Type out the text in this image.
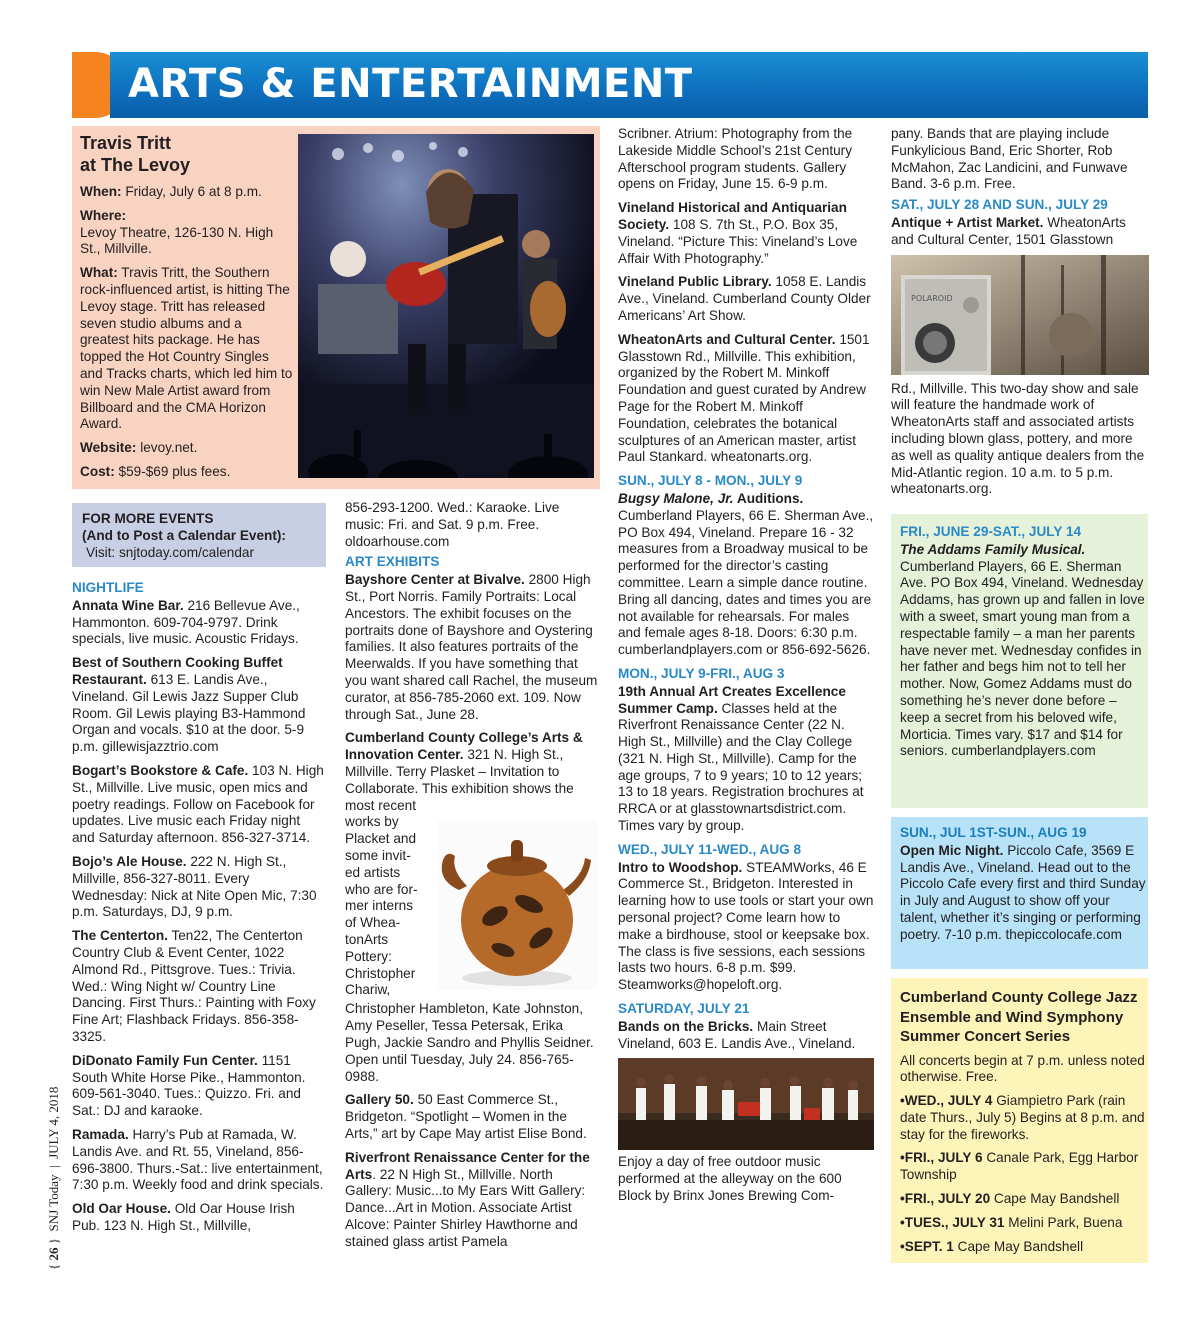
ARTS & ENTERTAINMENT
Travis Tritt
at The Levoy

When: Friday, July 6 at 8 p.m.

Where:
Levoy Theatre, 126-130 N. High St., Millville.

What: Travis Tritt, the Southern rock-influenced artist, is hitting The Levoy stage. Tritt has released seven studio albums and a greatest hits package. He has topped the Hot Country Singles and Tracks charts, which led him to win New Male Artist award from Billboard and the CMA Horizon Award.

Website: levoy.net.

Cost: $59-$69 plus fees.

FOR MORE EVENTS
(And to Post a Calendar Event):
Visit: snjtoday.com/calendar
NIGHTLIFE

Annata Wine Bar. 216 Bellevue Ave., Hammonton. 609-704-9797. Drink specials, live music. Acoustic Fridays.

Best of Southern Cooking Buffet Restaurant. 613 E. Landis Ave., Vineland. Gil Lewis Jazz Supper Club Room. Gil Lewis playing B3-Hammond Organ and vocals. $10 at the door. 5-9 p.m. gillewisjazztrio.com

Bogart’s Bookstore & Cafe. 103 N. High St., Millville. Live music, open mics and poetry readings. Follow on Facebook for updates. Live music each Friday night and Saturday afternoon. 856-327-3714.

Bojo’s Ale House. 222 N. High St., Millville, 856-327-8011. Every Wednesday: Nick at Nite Open Mic, 7:30 p.m. Saturdays, DJ, 9 p.m.

The Centerton. Ten22, The Centerton Country Club & Event Center, 1022 Almond Rd., Pittsgrove. Tues.: Trivia. Wed.: Wing Night w/ Country Line Dancing. First Thurs.: Painting with Foxy Fine Art; Flashback Fridays. 856-358-3325.

DiDonato Family Fun Center. 1151 South White Horse Pike., Hammonton. 609-561-3040. Tues.: Quizzo. Fri. and Sat.: DJ and karaoke.

Ramada. Harry’s Pub at Ramada, W. Landis Ave. and Rt. 55, Vineland, 856-696-3800. Thurs.-Sat.: live entertainment, 7:30 p.m. Weekly food and drink specials.

Old Oar House. Old Oar House Irish Pub. 123 N. High St., Millville,

856-293-1200. Wed.: Karaoke. Live music: Fri. and Sat. 9 p.m. Free. oldoarhouse.com

ART EXHIBITS

Bayshore Center at Bivalve. 2800 High St., Port Norris. Family Portraits: Local Ancestors. The exhibit focuses on the portraits done of Bayshore and Oystering families. It also features portraits of the Meerwalds. If you have something that you want shared call Rachel, the museum curator, at 856-785-2060 ext. 109. Now through Sat., June 28.

Cumberland County College’s Arts & Innovation Center. 321 N. High St., Millville. Terry Plasket – Invitation to Collaborate. This exhibition shows the most recent
works by
Placket and
some invit-
ed artists
who are for-
mer interns
of Whea-
tonArts
Pottery:
Christopher
Chariw,
Christopher Hambleton, Kate Johnston, Amy Peseller, Tessa Petersak, Erika Pugh, Jackie Sandro and Phyllis Seidner. Open until Tuesday, July 24. 856-765-0988.

Gallery 50. 50 East Commerce St., Bridgeton. “Spotlight – Women in the Arts,” art by Cape May artist Elise Bond.

Riverfront Renaissance Center for the Arts. 22 N High St., Millville. North Gallery: Music...to My Ears Witt Gallery: Dance...Art in Motion. Associate Artist Alcove: Painter Shirley Hawthorne and stained glass artist Pamela

Scribner. Atrium: Photography from the Lakeside Middle School’s 21st Century Afterschool program students. Gallery opens on Friday, June 15. 6-9 p.m.

Vineland Historical and Antiquarian Society. 108 S. 7th St., P.O. Box 35, Vineland. “Picture This: Vineland’s Love Affair With Photography.”

Vineland Public Library. 1058 E. Landis Ave., Vineland. Cumberland County Older Americans’ Art Show.

WheatonArts and Cultural Center. 1501 Glasstown Rd., Millville. This exhibition, organized by the Robert M. Minkoff Foundation and guest curated by Andrew Page for the Robert M. Minkoff Foundation, celebrates the botanical sculptures of an American master, artist Paul Stankard. wheatonarts.org.

SUN., JULY 8 - MON., JULY 9

Bugsy Malone, Jr. Auditions. Cumberland Players, 66 E. Sherman Ave., PO Box 494, Vineland. Prepare 16 - 32 measures from a Broadway musical to be performed for the director’s casting committee. Learn a simple dance routine. Bring all dancing, dates and times you are not available for rehearsals. For males and female ages 8-18. Doors: 6:30 p.m. cumberlandplayers.com or 856-692-5626.

MON., JULY 9-FRI., AUG 3

19th Annual Art Creates Excellence Summer Camp. Classes held at the Riverfront Renaissance Center (22 N. High St., Millville) and the Clay College (321 N. High St., Millville). Camp for the age groups, 7 to 9 years; 10 to 12 years; 13 to 18 years. Registration brochures at RRCA or at glasstownartsdistrict.com. Times vary by group.

WED., JULY 11-WED., AUG 8

Intro to Woodshop. STEAMWorks, 46 E Commerce St., Bridgeton. Interested in learning how to use tools or start your own personal project? Come learn how to make a birdhouse, stool or keepsake box. The class is five sessions, each sessions lasts two hours. 6-8 p.m. $99. Steamworks@hopeloft.org.

SATURDAY, JULY 21
Bands on the Bricks. Main Street Vineland, 603 E. Landis Ave., Vineland.

Enjoy a day of free outdoor music performed at the alleyway on the 600 Block by Brinx Jones Brewing Com-

pany. Bands that are playing include Funkylicious Band, Eric Shorter, Rob McMahon, Zac Landicini, and Funwave Band. 3-6 p.m. Free.

SAT., JULY 28 AND SUN., JULY 29
Antique + Artist Market. WheatonArts and Cultural Center, 1501 Glasstown
POLAROID

Rd., Millville. This two-day show and sale will feature the handmade work of WheatonArts staff and associated artists including blown glass, pottery, and more as well as quality antique dealers from the Mid-Atlantic region. 10 a.m. to 5 p.m. wheatonarts.org.

FRI., JUNE 29-SAT., JULY 14
The Addams Family Musical.
Cumberland Players, 66 E. Sherman Ave. PO Box 494, Vineland. Wednesday Addams, has grown up and fallen in love with a sweet, smart young man from a respectable family – a man her parents have never met. Wednesday confides in her father and begs him not to tell her mother. Now, Gomez Addams must do something he’s never done before – keep a secret from his beloved wife, Morticia. Times vary. $17 and $14 for seniors. cumberlandplayers.com
SUN., JUL 1ST-SUN., AUG 19
Open Mic Night. Piccolo Cafe, 3569 E Landis Ave., Vineland. Head out to the Piccolo Cafe every first and third Sunday in July and August to show off your talent, whether it’s singing or performing poetry. 7-10 p.m. thepiccolocafe.com
Cumberland County College Jazz Ensemble and Wind Symphony Summer Concert Series

All concerts begin at 7 p.m. unless noted otherwise. Free.

•WED., JULY 4 Giampietro Park (rain date Thurs., July 5) Begins at 8 p.m. and stay for the fireworks.

•FRI., JULY 6 Canale Park, Egg Harbor Township

•FRI., JULY 20 Cape May Bandshell

•TUES., JULY 31 Melini Park, Buena

•SEPT. 1 Cape May Bandshell

{ 26 }  SNJ Today  |  JULY 4, 2018
